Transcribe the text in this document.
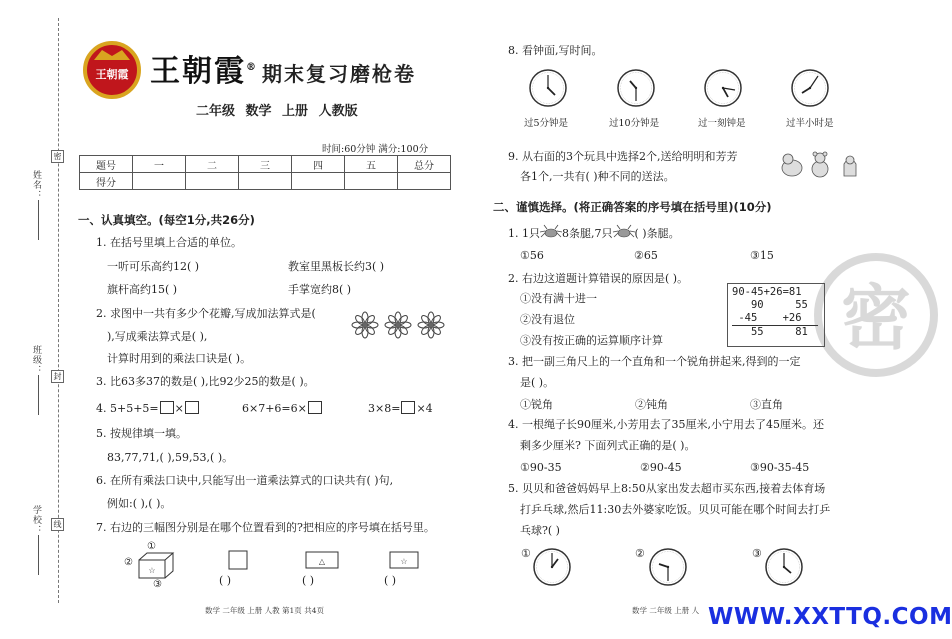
姓名：
班级：
学校：
密
封
线
王朝霞 王朝霞® 期末复习磨枪卷
二年级 数学 上册 人教版
时间:60分钟 满分:100分
题号	一	二	三	四	五	总分
得分						
一、认真填空。(每空1分,共26分)
1. 在括号里填上合适的单位。
一听可乐高约12( )	教室里黑板长约3( )
旗杆高约15( )	手掌宽约8( )
2. 求图中一共有多少个花瓣,写成加法算式是(
),写成乘法算式是( ),
计算时用到的乘法口诀是( )。
3. 比63多37的数是( ),比92少25的数是( )。
4. 5+5+5= ×	6×7+6=6×	3×8= ×4
5. 按规律填一填。
83,77,71,( ),59,53,( )。
6. 在所有乘法口诀中,只能写出一道乘法算式的口诀共有( )句,
例如:( ),( )。
7. 右边的三幅图分别是在哪个位置看到的?把相应的序号填在括号里。
①
②
③
☆
( )
△
( )
☆
( )
数学 二年级 上册 人教 第1页 共4页
8. 看钟面,写时间。
过5分钟是	过10分钟是	过一刻钟是	过半小时是
9. 从右面的3个玩具中选择2个,送给明明和芳芳
各1个,一共有( )种不同的送法。
二、谨慎选择。(将正确答案的序号填在括号里)(10分)
1. 1只 8条腿,7只 ( )条腿。
①56	②65	③15
2. 右边这道题计算错误的原因是( )。
①没有满十进一
②没有退位
③没有按正确的运算顺序计算
90-45+26=81
90     55
-45    +26
55     81
3. 把一副三角尺上的一个直角和一个锐角拼起来,得到的一定
是( )。
①锐角	②钝角	③直角
4. 一根绳子长90厘米,小芳用去了35厘米,小宁用去了45厘米。还
剩多少厘米? 下面列式正确的是( )。
①90-35	②90-45	③90-35-45
5. 贝贝和爸爸妈妈早上8:50从家出发去超市买东西,接着去体育场
打乒乓球,然后11:30去外婆家吃饭。贝贝可能在哪个时间去打乒
乓球?( )
①	②	③
密
数学 二年级 上册 人 WWW.XXTTQ.COM
